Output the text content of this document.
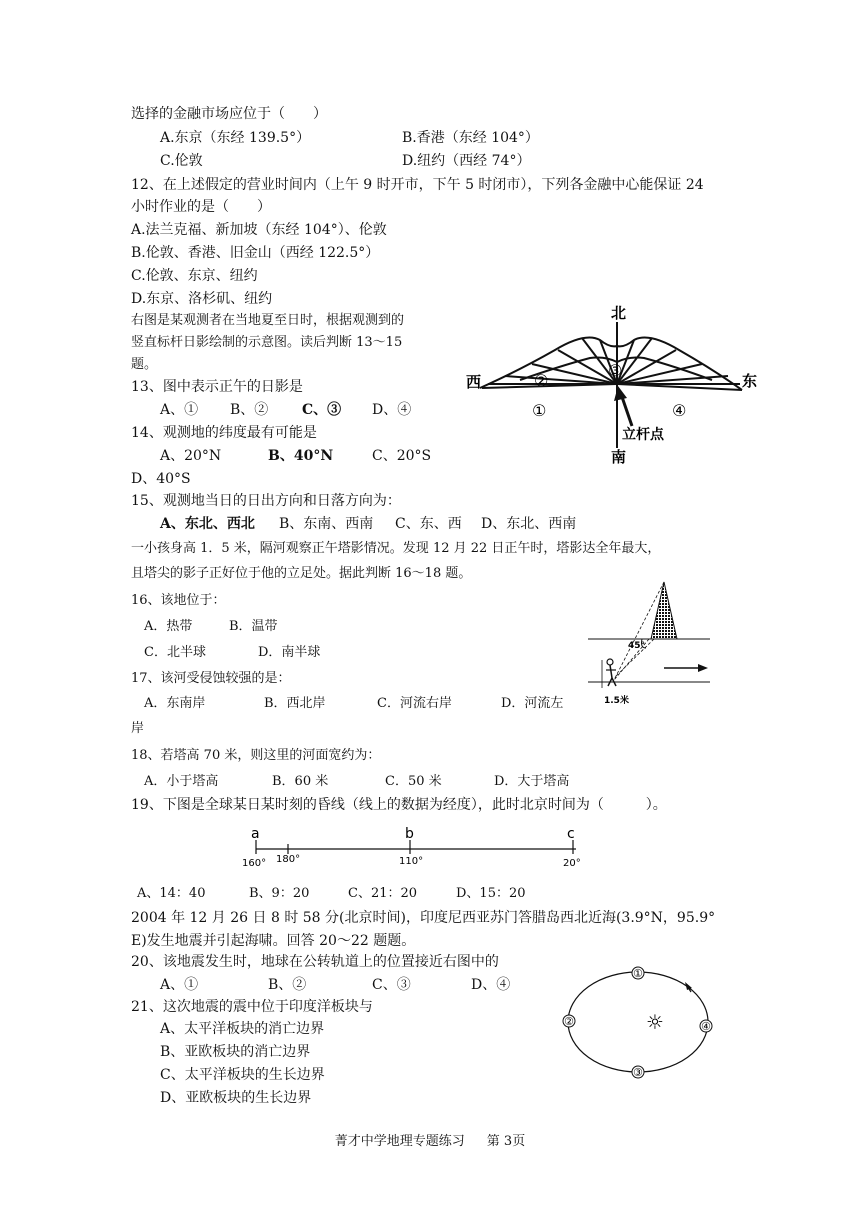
选择的金融市场应位于（　　）
A.东京（东经 139.5°）	B.香港（东经 104°）
C.伦敦	D.纽约（西经 74°）
12、在上述假定的营业时间内（上午 9 时开市，下午 5 时闭市），下列各金融中心能保证 24
小时作业的是（　　）
A.法兰克福、新加坡（东经 104°）、伦敦
B.伦敦、香港、旧金山（西经 122.5°）
C.伦敦、东京、纽约
D.东京、洛杉矶、纽约
右图是某观测者在当地夏至日时，根据观测到的
竖直标杆日影绘制的示意图。读后判断 13～15
题。
13、图中表示正午的日影是
A、① B、② C、③ D、④
14、观测地的纬度最有可能是
A、20°N	B、40°N	C、20°S
D、40°S
15、观测地当日的日出方向和日落方向为：
A、东北、西北 B、东南、西南 C、东、西 D、东北、西南
一小孩身高 1．5 米，隔河观察正午塔影情况。发现 12 月 22 日正午时，塔影达全年最大，
且塔尖的影子正好位于他的立足处。据此判断 16～18 题。
16、该地位于：
A．热带	B．温带
C．北半球	D．南半球
17、该河受侵蚀较强的是：
A．东南岸	B．西北岸	C．河流右岸	D．河流左
岸
18、若塔高 70 米，则这里的河面宽约为：
A．小于塔高	B．60 米	C．50 米	D．大于塔高
19、下图是全球某日某时刻的昏线（线上的数据为经度），此时北京时间为（　　　）。
A、14：40	B、9：20	C、21：20	D、15：20
2004 年 12 月 26 日 8 时 58 分(北京时间)，印度尼西亚苏门答腊岛西北近海(3.9°N，95.9°
E)发生地震并引起海啸。回答 20～22 题题。
20、该地震发生时，地球在公转轨道上的位置接近右图中的
A、①	B、②	C、③	D、④
21、这次地震的震中位于印度洋板块与
A、太平洋板块的消亡边界
B、亚欧板块的消亡边界
C、太平洋板块的生长边界
D、亚欧板块的生长边界
北
南
西	东
立杆点
①
②
③
④
45°
1.5米
a	b	c
160° 180°	110°	20°
①
②
③
④
☼
菁才中学地理专题练习 第 3页
